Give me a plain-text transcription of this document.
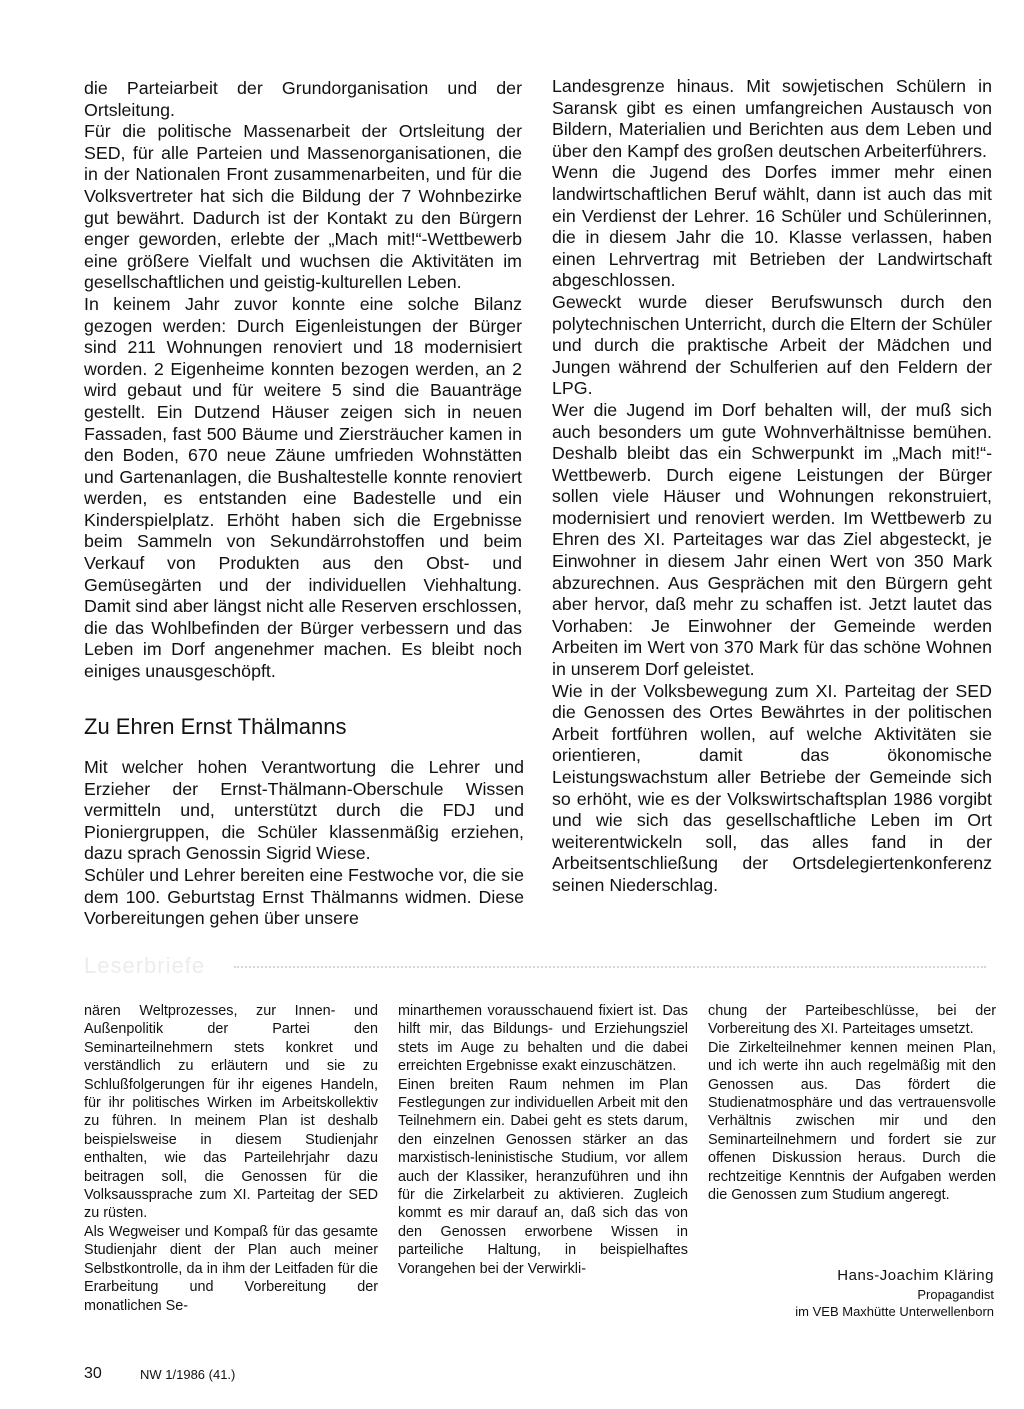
die Parteiarbeit der Grundorganisation und der Ortsleitung.

Für die politische Massenarbeit der Ortsleitung der SED, für alle Parteien und Massenorganisationen, die in der Nationalen Front zusammenarbeiten, und für die Volksvertreter hat sich die Bildung der 7 Wohnbezirke gut bewährt. Dadurch ist der Kontakt zu den Bürgern enger geworden, erlebte der „Mach mit!“-Wettbewerb eine größere Vielfalt und wuchsen die Aktivitäten im gesellschaftlichen und geistig-kulturellen Leben.

In keinem Jahr zuvor konnte eine solche Bilanz gezogen werden: Durch Eigenleistungen der Bürger sind 211 Wohnungen renoviert und 18 modernisiert worden. 2 Eigenheime konnten bezogen werden, an 2 wird gebaut und für weitere 5 sind die Bauanträge gestellt. Ein Dutzend Häuser zeigen sich in neuen Fassaden, fast 500 Bäume und Ziersträucher kamen in den Boden, 670 neue Zäune umfrieden Wohnstätten und Gartenanlagen, die Bushaltestelle konnte renoviert werden, es entstanden eine Badestelle und ein Kinderspielplatz. Erhöht haben sich die Ergebnisse beim Sammeln von Sekundärrohstoffen und beim Verkauf von Produkten aus den Obst- und Gemüsegärten und der individuellen Viehhaltung. Damit sind aber längst nicht alle Reserven erschlossen, die das Wohlbefinden der Bürger verbessern und das Leben im Dorf angenehmer machen. Es bleibt noch einiges unausgeschöpft.

Zu Ehren Ernst Thälmanns

Mit welcher hohen Verantwortung die Lehrer und Erzieher der Ernst-Thälmann-Oberschule Wissen vermitteln und, unterstützt durch die FDJ und Pioniergruppen, die Schüler klassenmäßig erziehen, dazu sprach Genossin Sigrid Wiese.

Schüler und Lehrer bereiten eine Festwoche vor, die sie dem 100. Geburtstag Ernst Thälmanns widmen. Diese Vorbereitungen gehen über unsere

Landesgrenze hinaus. Mit sowjetischen Schülern in Saransk gibt es einen umfangreichen Austausch von Bildern, Materialien und Berichten aus dem Leben und über den Kampf des großen deutschen Arbeiterführers.

Wenn die Jugend des Dorfes immer mehr einen landwirtschaftlichen Beruf wählt, dann ist auch das mit ein Verdienst der Lehrer. 16 Schüler und Schülerinnen, die in diesem Jahr die 10. Klasse verlassen, haben einen Lehrvertrag mit Betrieben der Landwirtschaft abgeschlossen.

Geweckt wurde dieser Berufswunsch durch den polytechnischen Unterricht, durch die Eltern der Schüler und durch die praktische Arbeit der Mädchen und Jungen während der Schulferien auf den Feldern der LPG.

Wer die Jugend im Dorf behalten will, der muß sich auch besonders um gute Wohnverhältnisse bemühen. Deshalb bleibt das ein Schwerpunkt im „Mach mit!“-Wettbewerb. Durch eigene Leistungen der Bürger sollen viele Häuser und Wohnungen rekonstruiert, modernisiert und renoviert werden. Im Wettbewerb zu Ehren des XI. Parteitages war das Ziel abgesteckt, je Einwohner in diesem Jahr einen Wert von 350 Mark abzurechnen. Aus Gesprächen mit den Bürgern geht aber hervor, daß mehr zu schaffen ist. Jetzt lautet das Vorhaben: Je Einwohner der Gemeinde werden Arbeiten im Wert von 370 Mark für das schöne Wohnen in unserem Dorf geleistet.

Wie in der Volksbewegung zum XI. Parteitag der SED die Genossen des Ortes Bewährtes in der politischen Arbeit fortführen wollen, auf welche Aktivitäten sie orientieren, damit das ökonomische Leistungswachstum aller Betriebe der Gemeinde sich so erhöht, wie es der Volkswirtschaftsplan 1986 vorgibt und wie sich das gesellschaftliche Leben im Ort weiterentwickeln soll, das alles fand in der Arbeitsentschließung der Ortsdelegiertenkonferenz seinen Niederschlag.

Leserbriefe

nären Weltprozesses, zur Innen- und Außenpolitik der Partei den Seminarteilnehmern stets konkret und verständlich zu erläutern und sie zu Schlußfolgerungen für ihr eigenes Handeln, für ihr politisches Wirken im Arbeitskollektiv zu führen. In meinem Plan ist deshalb beispielsweise in diesem Studienjahr enthalten, wie das Parteilehrjahr dazu beitragen soll, die Genossen für die Volksaussprache zum XI. Parteitag der SED zu rüsten.

Als Wegweiser und Kompaß für das gesamte Studienjahr dient der Plan auch meiner Selbstkontrolle, da in ihm der Leitfaden für die Erarbeitung und Vorbereitung der monatlichen Se-

minarthemen vorausschauend fixiert ist. Das hilft mir, das Bildungs- und Erziehungsziel stets im Auge zu behalten und die dabei erreichten Ergebnisse exakt einzuschätzen.

Einen breiten Raum nehmen im Plan Festlegungen zur individuellen Arbeit mit den Teilnehmern ein. Dabei geht es stets darum, den einzelnen Genossen stärker an das marxistisch-leninistische Studium, vor allem auch der Klassiker, heranzuführen und ihn für die Zirkelarbeit zu aktivieren. Zugleich kommt es mir darauf an, daß sich das von den Genossen erworbene Wissen in parteiliche Haltung, in beispielhaftes Vorangehen bei der Verwirkli-

chung der Parteibeschlüsse, bei der Vorbereitung des XI. Parteitages umsetzt.

Die Zirkelteilnehmer kennen meinen Plan, und ich werte ihn auch regelmäßig mit den Genossen aus. Das fördert die Studienatmosphäre und das vertrauensvolle Verhältnis zwischen mir und den Seminarteilnehmern und fordert sie zur offenen Diskussion heraus. Durch die rechtzeitige Kenntnis der Aufgaben werden die Genossen zum Studium angeregt.

Hans-Joachim Kläring
Propagandist
im VEB Maxhütte Unterwellenborn
30	NW 1/1986 (41.)
